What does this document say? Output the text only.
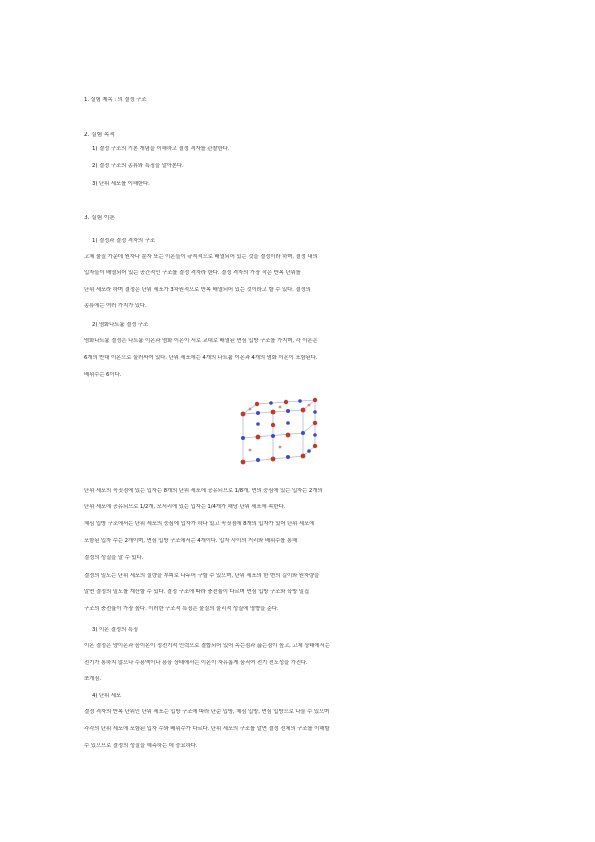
1. 실험 제목 : 의 결정 구조
2. 실험 목적
1) 결정 구조의 기본 개념을 이해하고 결정 격자를 관찰한다.
2) 결정 구조의 종류와 특징을 알아본다.
3) 단위 세포를 이해한다.
3. 실험 이론
1) 결정과 결정 격자의 구조
고체 물질 가운데 원자나 분자 또는 이온들이 규칙적으로 배열되어 있는 것을 결정이라 하며, 결정 내의
입자들이 배열되어 있는 공간적인 구조를 결정 격자라 한다. 결정 격자의 가장 작은 반복 단위를
단위 세포라 하며 결정은 단위 세포가 3차원적으로 반복 배열되어 있는 것이라고 할 수 있다. 결정의
종류에는 여러 가지가 있다.
2) 염화나트륨 결정 구조
염화나트륨 결정은 나트륨 이온과 염화 이온이 서로 교대로 배열된 면심 입방 구조를 가지며, 각 이온은
6개의 반대 이온으로 둘러싸여 있다. 단위 세포에는 4개의 나트륨 이온과 4개의 염화 이온이 포함된다.
배위수는 6이다.
단위 세포의 꼭짓점에 있는 입자는 8개의 단위 세포에 공유되므로 1/8개, 면의 중심에 있는 입자는 2개의
단위 세포에 공유되므로 1/2개, 모서리에 있는 입자는 1/4개가 해당 단위 세포에 속한다.
체심 입방 구조에서는 단위 세포의 중심에 입자가 하나 있고 꼭짓점에 8개의 입자가 있어 단위 세포에
포함된 입자 수는 2개이며, 면심 입방 구조에서는 4개이다. 입자 사이의 거리와 배위수를 통해
결정의 성질을 알 수 있다.
결정의 밀도는 단위 세포의 질량을 부피로 나누어 구할 수 있으며, 단위 세포의 한 변의 길이와 원자량을
알면 결정의 밀도를 계산할 수 있다. 결정 구조에 따라 충전율이 다르며 면심 입방 구조와 육방 밀집
구조의 충전율이 가장 높다. 이러한 구조적 특징은 물질의 물리적 성질에 영향을 준다.
3) 이온 결정의 특징
이온 결정은 양이온과 음이온이 정전기적 인력으로 결합되어 있어 녹는점과 끓는점이 높고, 고체 상태에서는
전기가 통하지 않으나 수용액이나 용융 상태에서는 이온이 자유롭게 움직여 전기 전도성을 가진다.
쪼개짐.
4) 단위 세포
결정 격자의 반복 단위인 단위 세포는 입방 구조에 따라 단순 입방, 체심 입방, 면심 입방으로 나눌 수 있으며
각각의 단위 세포에 포함된 입자 수와 배위수가 다르다. 단위 세포의 구조를 알면 결정 전체의 구조를 이해할
수 있으므로 결정의 성질을 예측하는 데 중요하다.
